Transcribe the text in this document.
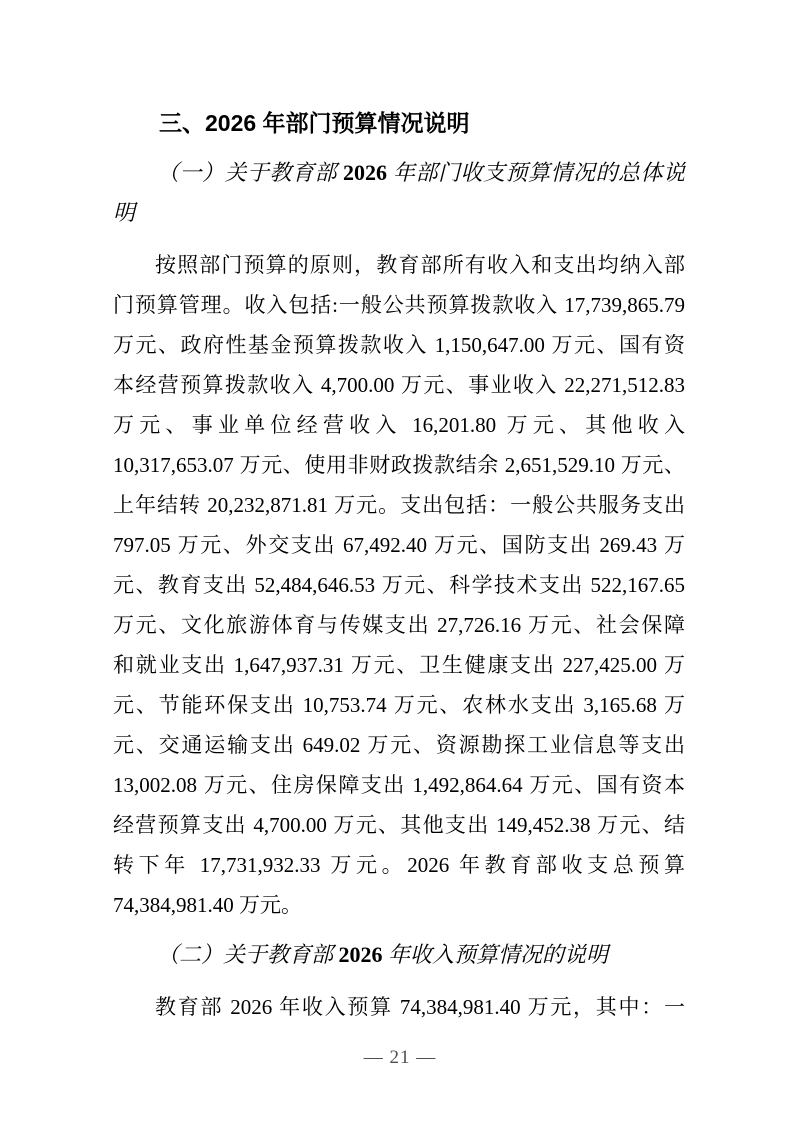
三、2026 年部门预算情况说明
（一）关于教育部 2026 年部门收支预算情况的总体说
明
按照部门预算的原则，教育部所有收入和支出均纳入部
门预算管理。收入包括:一般公共预算拨款收入 17,739,865.79
万元、政府性基金预算拨款收入 1,150,647.00 万元、国有资
本经营预算拨款收入 4,700.00 万元、事业收入 22,271,512.83
万元、事业单位经营收入 16,201.80 万元、其他收入
10,317,653.07 万元、使用非财政拨款结余 2,651,529.10 万元、
上年结转 20,232,871.81 万元。支出包括：一般公共服务支出
797.05 万元、外交支出 67,492.40 万元、国防支出 269.43 万
元、教育支出 52,484,646.53 万元、科学技术支出 522,167.65
万元、文化旅游体育与传媒支出 27,726.16 万元、社会保障
和就业支出 1,647,937.31 万元、卫生健康支出 227,425.00 万
元、节能环保支出 10,753.74 万元、农林水支出 3,165.68 万
元、交通运输支出 649.02 万元、资源勘探工业信息等支出
13,002.08 万元、住房保障支出 1,492,864.64 万元、国有资本
经营预算支出 4,700.00 万元、其他支出 149,452.38 万元、结
转下年 17,731,932.33 万元。2026 年教育部收支总预算
74,384,981.40 万元。
（二）关于教育部 2026 年收入预算情况的说明
教育部 2026 年收入预算 74,384,981.40 万元，其中：一
— 21 —
